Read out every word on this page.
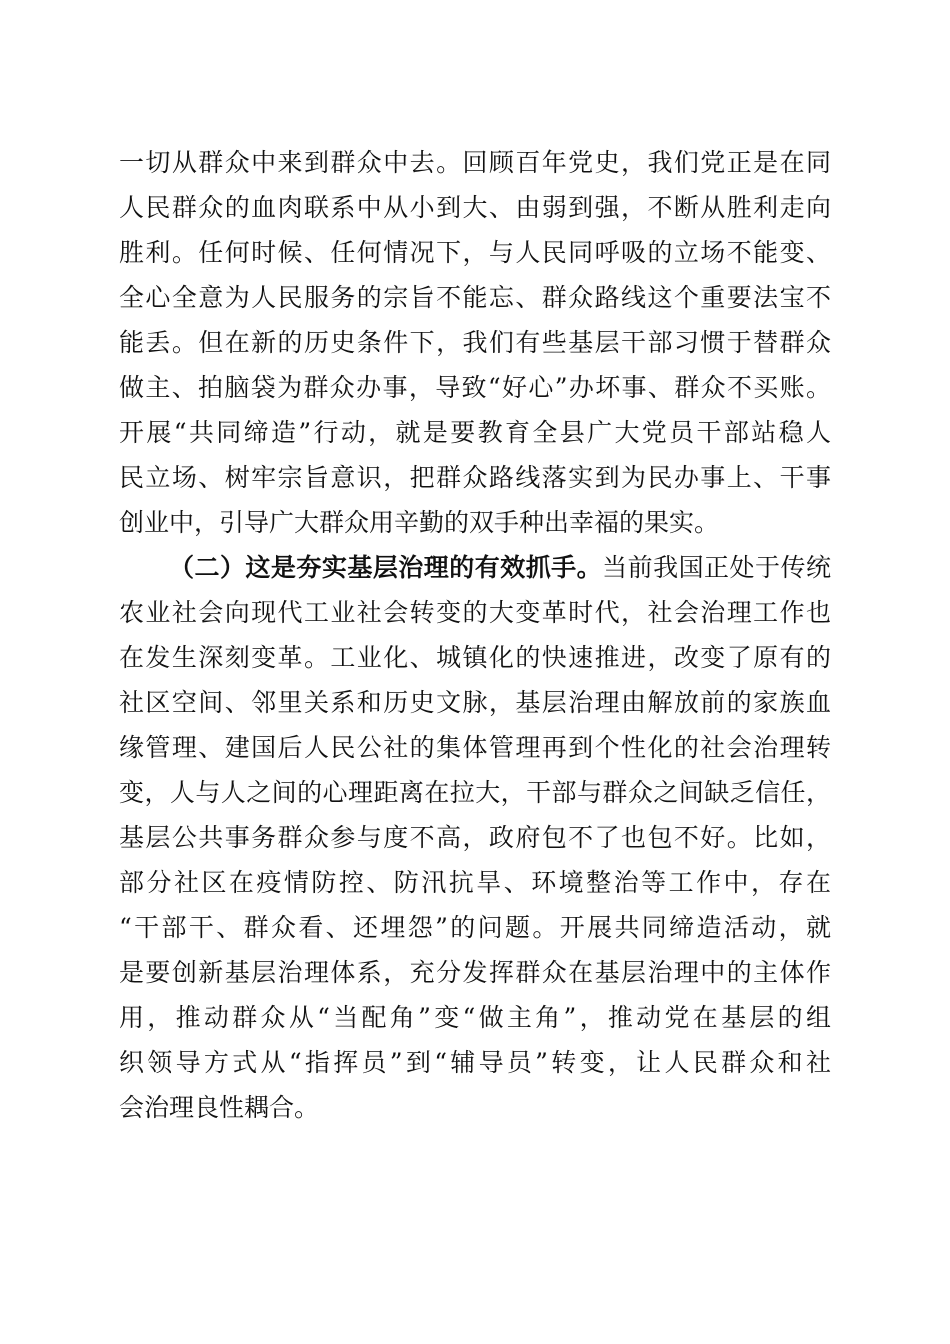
一切从群众中来到群众中去。回顾百年党史，我们党正是在同
人民群众的血肉联系中从小到大、由弱到强，不断从胜利走向
胜利。任何时候、任何情况下，与人民同呼吸的立场不能变、
全心全意为人民服务的宗旨不能忘、群众路线这个重要法宝不
能丢。但在新的历史条件下，我们有些基层干部习惯于替群众
做主、拍脑袋为群众办事，导致“好心”办坏事、群众不买账。
开展“共同缔造”行动，就是要教育全县广大党员干部站稳人
民立场、树牢宗旨意识，把群众路线落实到为民办事上、干事
创业中，引导广大群众用辛勤的双手种出幸福的果实。
（二）这是夯实基层治理的有效抓手。当前我国正处于传统
农业社会向现代工业社会转变的大变革时代，社会治理工作也
在发生深刻变革。工业化、城镇化的快速推进，改变了原有的
社区空间、邻里关系和历史文脉，基层治理由解放前的家族血
缘管理、建国后人民公社的集体管理再到个性化的社会治理转
变，人与人之间的心理距离在拉大，干部与群众之间缺乏信任，
基层公共事务群众参与度不高，政府包不了也包不好。比如，
部分社区在疫情防控、防汛抗旱、环境整治等工作中，存在
“干部干、群众看、还埋怨”的问题。开展共同缔造活动，就
是要创新基层治理体系，充分发挥群众在基层治理中的主体作
用，推动群众从“当配角”变“做主角”，推动党在基层的组
织领导方式从“指挥员”到“辅导员”转变，让人民群众和社
会治理良性耦合。
